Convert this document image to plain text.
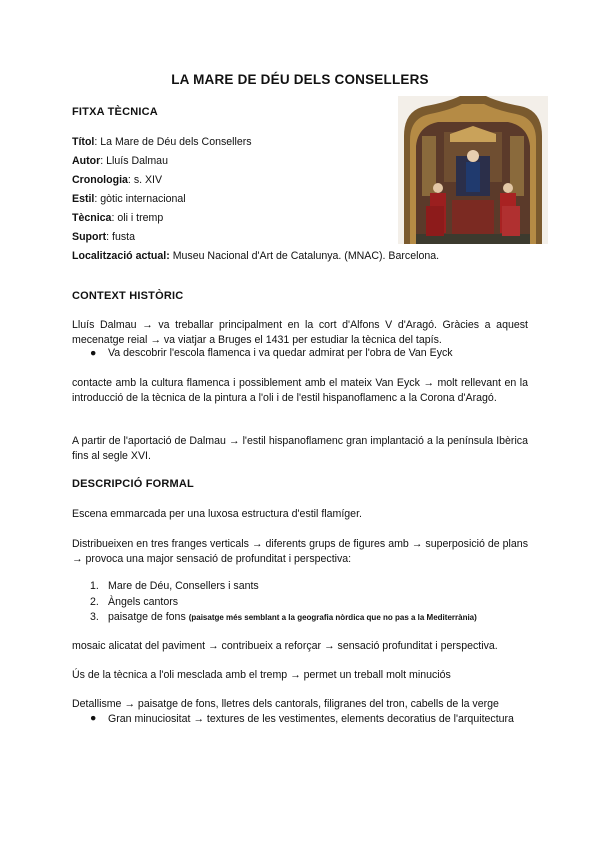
LA MARE DE DÉU DELS CONSELLERS
FITXA TÈCNICA
Títol: La Mare de Déu dels Consellers
Autor: Lluís Dalmau
Cronologia: s. XIV
Estil: gòtic internacional
Tècnica: oli i tremp
Suport: fusta
Localització actual: Museu Nacional d'Art de Catalunya. (MNAC). Barcelona.
CONTEXT HISTÒRIC
Lluís Dalmau → va treballar principalment en la cort d'Alfons V d'Aragó. Gràcies a aquest mecenatge reial → va viatjar a Bruges el 1431 per estudiar la tècnica del tapís.
● Va descobrir l'escola flamenca i va quedar admirat per l'obra de Van Eyck
contacte amb la cultura flamenca i possiblement amb el mateix Van Eyck → molt rellevant en la introducció de la tècnica de la pintura a l'oli i de l'estil hispanoflamenc a la Corona d'Aragó.
A partir de l'aportació de Dalmau → l'estil hispanoflamenc gran implantació a la península Ibèrica fins al segle XVI.
DESCRIPCIÓ FORMAL
Escena emmarcada per una luxosa estructura d'estil flamíger.
Distribueixen en tres franges verticals → diferents grups de figures amb → superposició de plans → provoca una major sensació de profunditat i perspectiva:
1. Mare de Déu, Consellers i sants
2. Àngels cantors
3. paisatge de fons (paisatge més semblant a la geografia nòrdica que no pas a la Mediterrània)
mosaic alicatat del paviment → contribueix a reforçar → sensació profunditat i perspectiva.
Ús de la tècnica a l'oli mesclada amb el tremp → permet un treball molt minuciós
Detallisme → paisatge de fons, lletres dels cantorals, filigranes del tron, cabells de la verge
●	Gran minuciositat → textures de les vestimentes, elements decoratius de l'arquitectura
